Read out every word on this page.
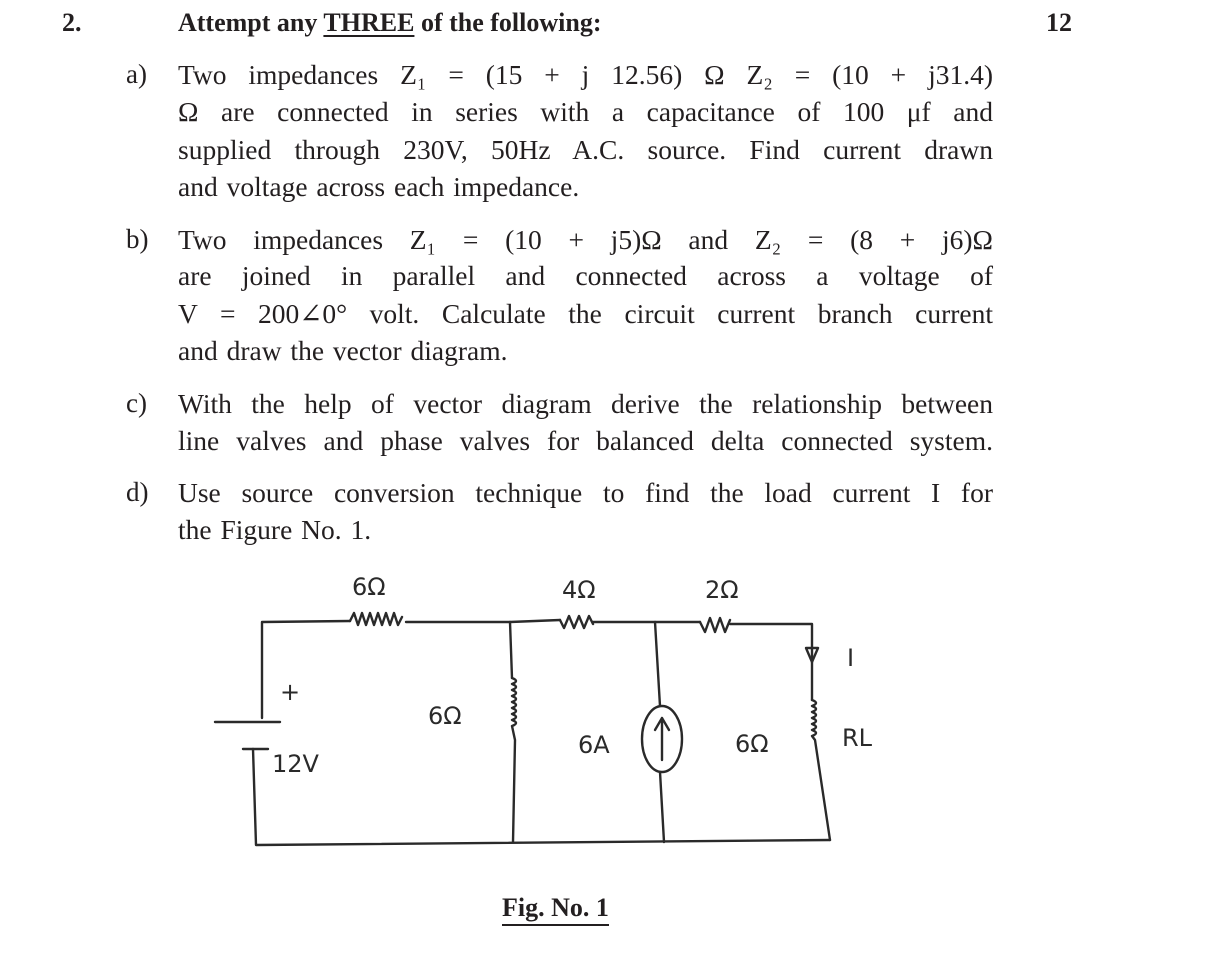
2.	Attempt any THREE of the following:	12
a) Two impedances Z₁ = (15 + j 12.56) Ω Z₂ = (10 + j31.4)
Ω are connected in series with a capacitance of 100 μf and
supplied through 230V, 50Hz A.C. source. Find current drawn
and voltage across each impedance.
b) Two impedances Z₁ = (10 + j5)Ω and Z₂ = (8 + j6)Ω
are joined in parallel and connected across a voltage of
V = 200∠0° volt. Calculate the circuit current branch current
and draw the vector diagram.
c) With the help of vector diagram derive the relationship between
line valves and phase valves for balanced delta connected system.
d) Use source conversion technique to find the load current I for
the Figure No. 1.
6Ω	4Ω	2Ω
6Ω
6A	6Ω	RL
I
12V
+
Fig. No. 1
